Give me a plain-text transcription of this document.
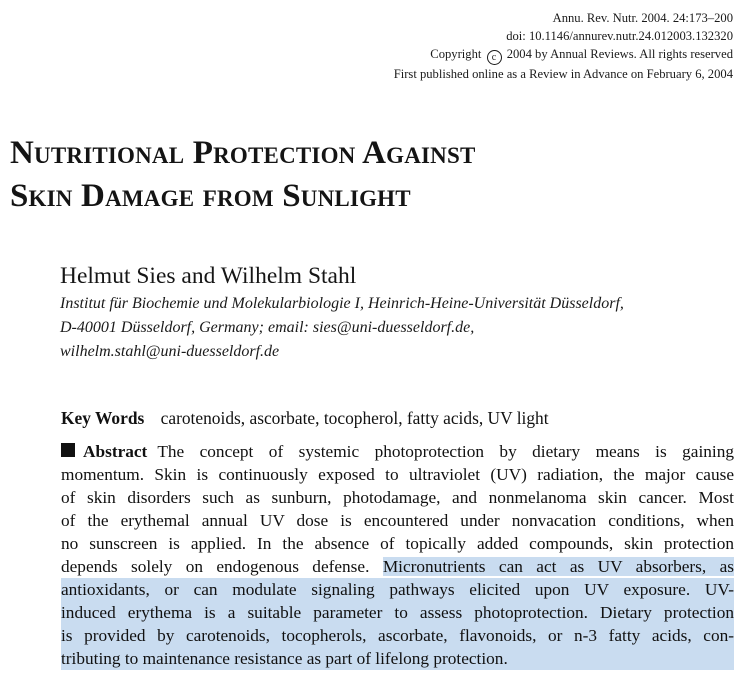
Annu. Rev. Nutr. 2004. 24:173–200
doi: 10.1146/annurev.nutr.24.012003.132320
Copyright c 2004 by Annual Reviews. All rights reserved
First published online as a Review in Advance on February 6, 2004
Nutritional Protection Against
Skin Damage from Sunlight
Helmut Sies and Wilhelm Stahl
Institut für Biochemie und Molekularbiologie I, Heinrich-Heine-Universität Düsseldorf,
D-40001 Düsseldorf, Germany; email: sies@uni-duesseldorf.de,
wilhelm.stahl@uni-duesseldorf.de
Key Words carotenoids, ascorbate, tocopherol, fatty acids, UV light
Abstract The concept of systemic photoprotection by dietary means is gaining
momentum. Skin is continuously exposed to ultraviolet (UV) radiation, the major cause
of skin disorders such as sunburn, photodamage, and nonmelanoma skin cancer. Most
of the erythemal annual UV dose is encountered under nonvacation conditions, when
no sunscreen is applied. In the absence of topically added compounds, skin protection
depends solely on endogenous defense. Micronutrients can act as UV absorbers, as
antioxidants, or can modulate signaling pathways elicited upon UV exposure. UV-
induced erythema is a suitable parameter to assess photoprotection. Dietary protection
is provided by carotenoids, tocopherols, ascorbate, flavonoids, or n-3 fatty acids, con-
tributing to maintenance resistance as part of lifelong protection.
